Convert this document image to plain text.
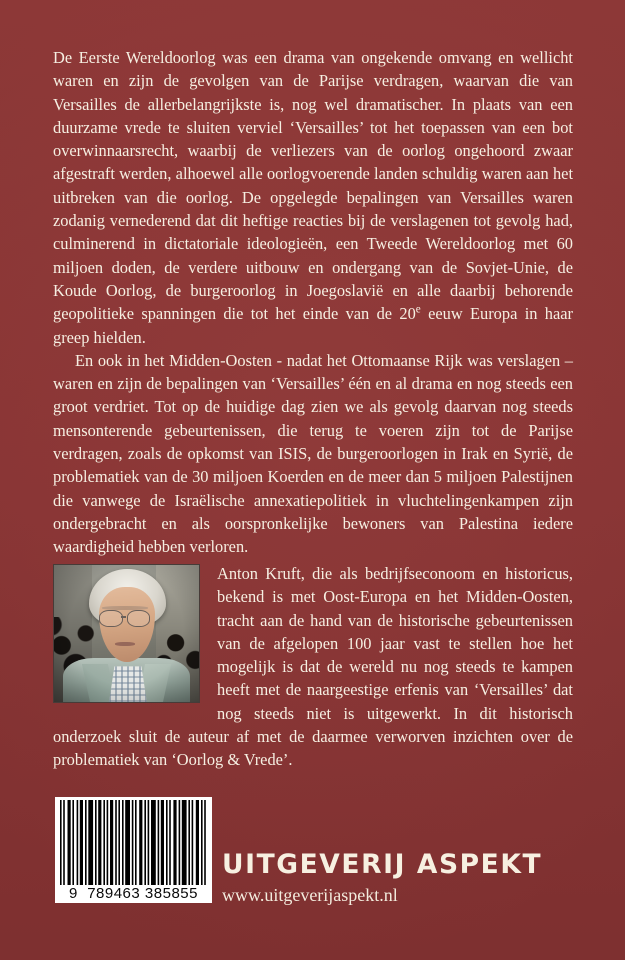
De Eerste Wereldoorlog was een drama van ongekende omvang en wellicht waren en zijn de gevolgen van de Parijse verdragen, waarvan die van Versailles de allerbelangrijkste is, nog wel dramatischer. In plaats van een duurzame vrede te sluiten verviel ‘Versailles’ tot het toepassen van een bot overwinnaarsrecht, waarbij de verliezers van de oorlog ongehoord zwaar afgestraft werden, alhoewel alle oorlogvoerende landen schuldig waren aan het uitbreken van die oorlog. De opgelegde bepalingen van Versailles waren zodanig vernederend dat dit heftige reacties bij de verslagenen tot gevolg had, culminerend in dictatoriale ideologieën, een Tweede Wereldoorlog met 60 miljoen doden, de verdere uitbouw en ondergang van de Sovjet-Unie, de Koude Oorlog, de burgeroorlog in Joegoslavië en alle daarbij behorende geopolitieke spanningen die tot het einde van de 20e eeuw Europa in haar greep hielden.

En ook in het Midden-Oosten - nadat het Ottomaanse Rijk was verslagen – waren en zijn de bepalingen van ‘Versailles’ één en al drama en nog steeds een groot verdriet. Tot op de huidige dag zien we als gevolg daarvan nog steeds mensonterende gebeurtenissen, die terug te voeren zijn tot de Parijse verdragen, zoals de opkomst van ISIS, de burgeroorlogen in Irak en Syrië, de problematiek van de 30 miljoen Koerden en de meer dan 5 miljoen Palestijnen die vanwege de Israëlische annexatiepolitiek in vluchtelingenkampen zijn ondergebracht en als oorspronkelijke bewoners van Palestina iedere waardigheid hebben verloren.

Anton Kruft, die als bedrijfseconoom en historicus, bekend is met Oost-Europa en het Midden-Oosten, tracht aan de hand van de historische gebeurtenissen van de afgelopen 100 jaar vast te stellen hoe het mogelijk is dat de wereld nu nog steeds te kampen heeft met de naargeestige erfenis van ‘Versailles’ dat nog steeds niet is uitgewerkt. In dit historisch onderzoek sluit de auteur af met de daarmee verworven inzichten over de problematiek van ‘Oorlog & Vrede’.

9  789463 385855
UITGEVERIJ ASPEKT
www.uitgeverijaspekt.nl
